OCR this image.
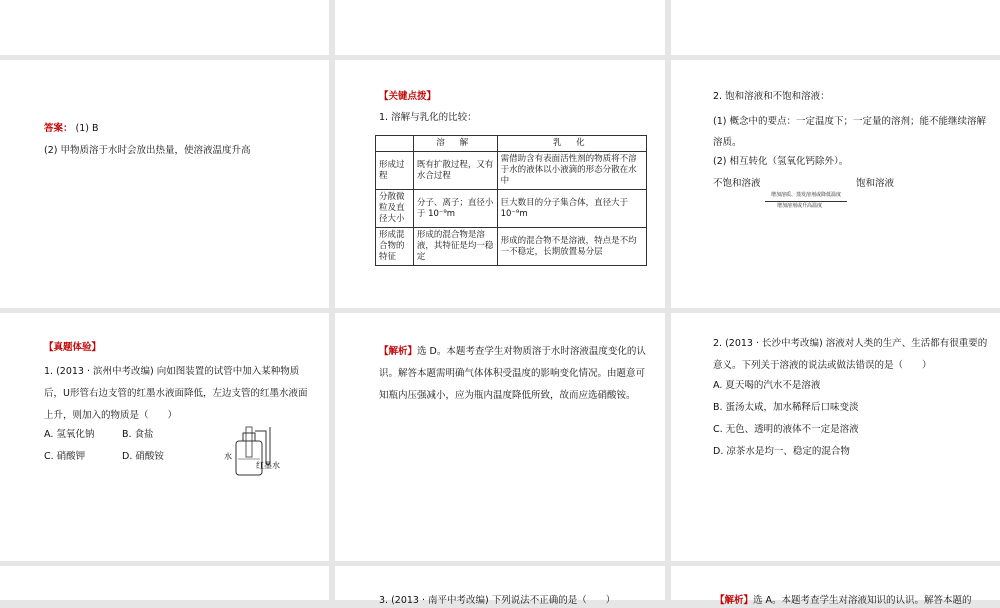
答案： (1) B
(2) 甲物质溶于水时会放出热量，使溶液温度升高
【关键点拨】
1. 溶解与乳化的比较：
	溶 解	乳 化
形成过程	既有扩散过程，又有水合过程	需借助含有表面活性剂的物质将不溶于水的液体以小液滴的形态分散在水中
分散微粒及直径大小	分子、离子；直径小于 10⁻⁹m	巨大数目的分子集合体，直径大于 10⁻⁹m
形成混合物的特征	形成的混合物是溶液，其特征是均一稳定	形成的混合物不是溶液，特点是不均一不稳定，长期放置易分层
2. 饱和溶液和不饱和溶液：
(1) 概念中的要点：一定温度下；一定量的溶剂；能不能继续溶解溶质。
(2) 相互转化（氢氧化钙除外）。
不饱和溶液	饱和溶液
增加溶质、蒸发溶剂或降低温度
增加溶剂或升高温度
【真题体验】
1. (2013 · 滨州中考改编) 向如图装置的试管中加入某种物质后，U形管右边支管的红墨水液面降低，左边支管的红墨水液面上升，则加入的物质是（　　）
A. 氢氧化钠	B. 食盐
C. 硝酸钾	D. 硝酸铵	水
红墨水
【解析】选 D。本题考查学生对物质溶于水时溶液温度变化的认识。解答本题需明确气体体积受温度的影响变化情况。由题意可知瓶内压强减小，应为瓶内温度降低所致，故而应选硝酸铵。
2. (2013 · 长沙中考改编) 溶液对人类的生产、生活都有很重要的意义。下列关于溶液的说法或做法错误的是（　　）
A. 夏天喝的汽水不是溶液
B. 蛋汤太咸，加水稀释后口味变淡
C. 无色、透明的液体不一定是溶液
D. 凉茶水是均一、稳定的混合物
3. (2013 · 南平中考改编) 下列说法不正确的是（　　）	【解析】选 A。本题考查学生对溶液知识的认识。解答本题的
